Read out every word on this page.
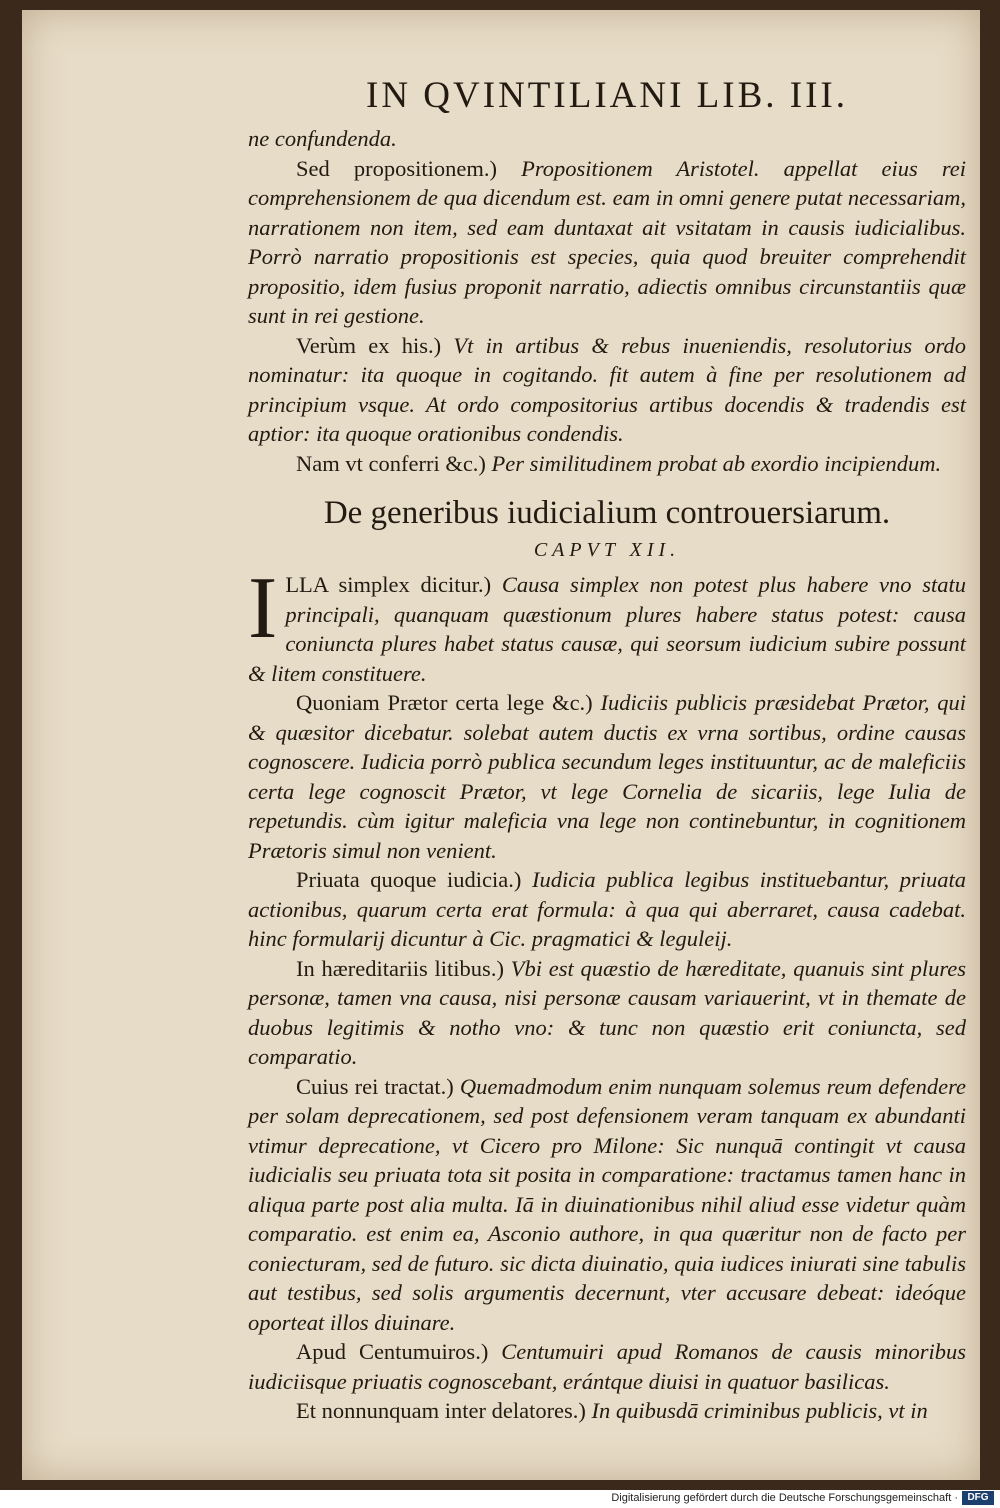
IN QVINTILIANI LIB. III.

ne confundenda.

Sed propositionem.) Propositionem Aristotel. appellat eius rei comprehensionem de qua dicendum est. eam in omni genere putat necessariam, narrationem non item, sed eam duntaxat ait vsitatam in causis iudicialibus. Porrò narratio propositionis est species, quia quod breuiter comprehendit propositio, idem fusius proponit narratio, adiectis omnibus circunstantiis quæ sunt in rei gestione.

Verùm ex his.) Vt in artibus & rebus inueniendis, resolutorius ordo nominatur: ita quoque in cogitando. fit autem à fine per resolutionem ad principium vsque. At ordo compositorius artibus docendis & tradendis est aptior: ita quoque orationibus condendis.

Nam vt conferri &c.) Per similitudinem probat ab exordio incipiendum.

De generibus iudicialium controuersiarum.
CAPVT XII.

ILLA simplex dicitur.) Causa simplex non potest plus habere vno statu principali, quanquam quæstionum plures habere status potest: causa coniuncta plures habet status causæ, qui seorsum iudicium subire possunt & litem constituere.

Quoniam Prætor certa lege &c.) Iudiciis publicis præsidebat Prætor, qui & quæsitor dicebatur. solebat autem ductis ex vrna sortibus, ordine causas cognoscere. Iudicia porrò publica secundum leges instituuntur, ac de maleficiis certa lege cognoscit Prætor, vt lege Cornelia de sicariis, lege Iulia de repetundis. cùm igitur maleficia vna lege non continebuntur, in cognitionem Prætoris simul non venient.

Priuata quoque iudicia.) Iudicia publica legibus instituebantur, priuata actionibus, quarum certa erat formula: à qua qui aberraret, causa cadebat. hinc formularij dicuntur à Cic. pragmatici & leguleij.

In hæreditariis litibus.) Vbi est quæstio de hæreditate, quanuis sint plures personæ, tamen vna causa, nisi personæ causam variauerint, vt in themate de duobus legitimis & notho vno: & tunc non quæstio erit coniuncta, sed comparatio.

Cuius rei tractat.) Quemadmodum enim nunquam solemus reum defendere per solam deprecationem, sed post defensionem veram tanquam ex abundanti vtimur deprecatione, vt Cicero pro Milone: Sic nunquā contingit vt causa iudicialis seu priuata tota sit posita in comparatione: tractamus tamen hanc in aliqua parte post alia multa. Iā in diuinationibus nihil aliud esse videtur quàm comparatio. est enim ea, Asconio authore, in qua quæritur non de facto per coniecturam, sed de futuro. sic dicta diuinatio, quia iudices iniurati sine tabulis aut testibus, sed solis argumentis decernunt, vter accusare debeat: ideóque oporteat illos diuinare.

Apud Centumuiros.) Centumuiri apud Romanos de causis minoribus iudiciisque priuatis cognoscebant, erántque diuisi in quatuor basilicas.

Et nonnunquam inter delatores.) In quibusdā criminibus publicis, vt in

Digitalisierung gefördert durch die Deutsche Forschungsgemeinschaft · DFG
